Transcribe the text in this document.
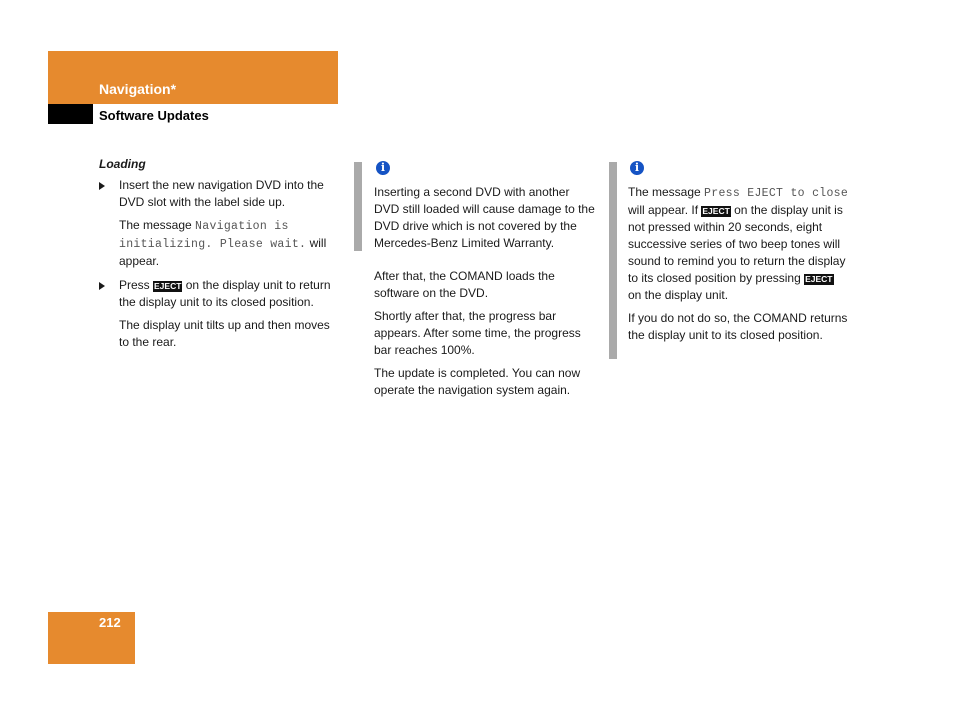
Navigation*
Software Updates

Loading

Insert the new navigation DVD into the DVD slot with the label side up.

The message Navigation is initializing. Please wait. will appear.

Press EJECT on the display unit to return the display unit to its closed position.

The display unit tilts up and then moves to the rear.

i

Inserting a second DVD with another DVD still loaded will cause damage to the DVD drive which is not covered by the Mercedes-Benz Limited Warranty.

After that, the COMAND loads the software on the DVD.

Shortly after that, the progress bar appears. After some time, the progress bar reaches 100%.

The update is completed. You can now operate the navigation system again.

i

The message Press EJECT to close will appear. If EJECT on the display unit is not pressed within 20 seconds, eight successive series of two beep tones will sound to remind you to return the display to its closed position by pressing EJECT on the display unit.

If you do not do so, the COMAND returns the display unit to its closed position.

212
